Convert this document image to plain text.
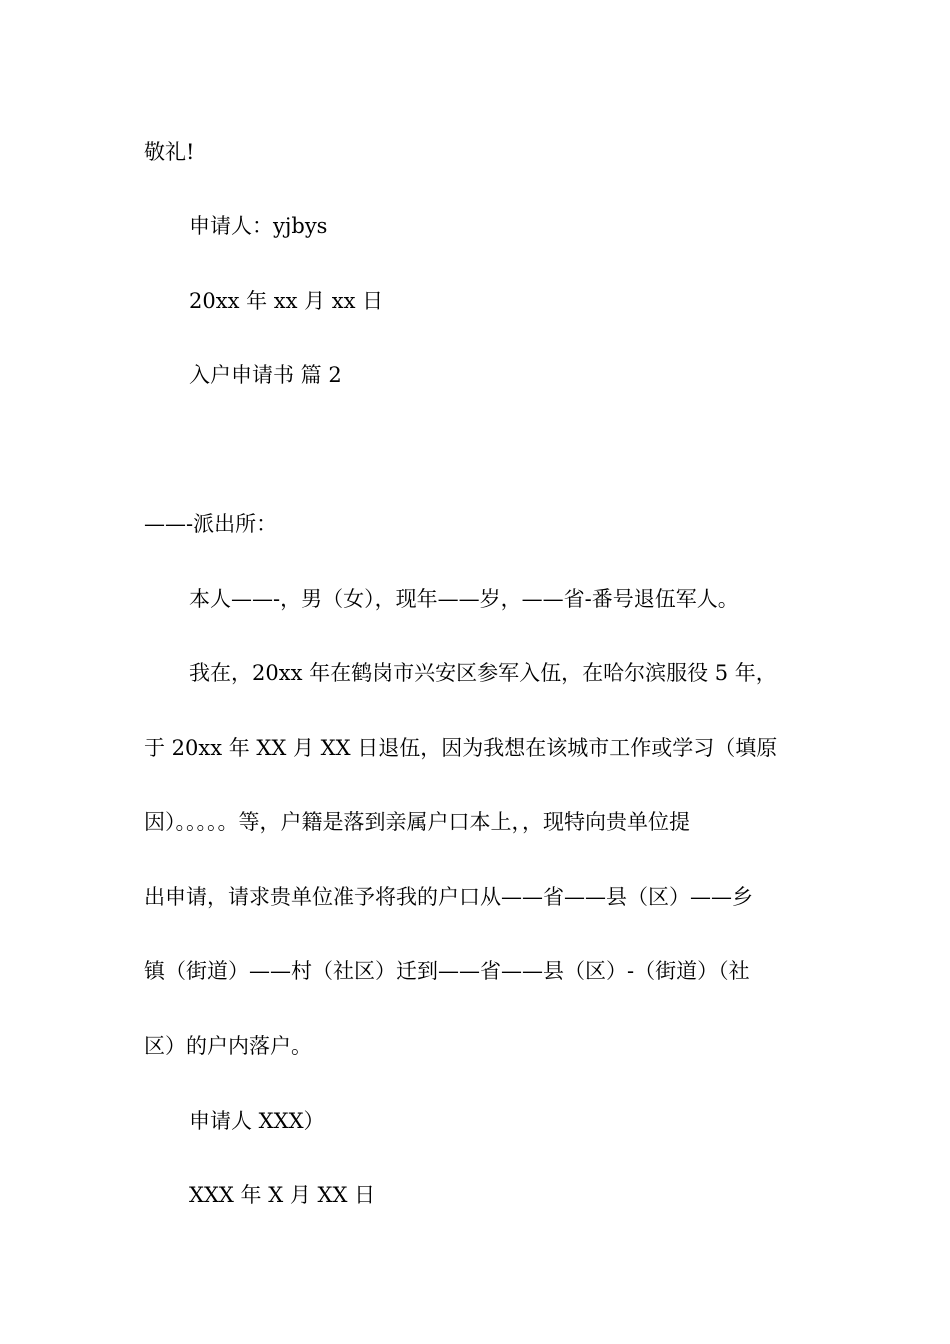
敬礼!
申请人：yjbys
20xx 年 xx 月 xx 日
入户申请书 篇 2
——-派出所：
本人——-，男（女），现年——岁，——省-番号退伍军人。
我在，20xx 年在鹤岗市兴安区参军入伍，在哈尔滨服役 5 年，
于 20xx 年 XX 月 XX 日退伍，因为我想在该城市工作或学习（填原
因）。。。。。等，户籍是落到亲属户口本上，，现特向贵单位提
出申请，请求贵单位准予将我的户口从——省——县（区）——乡
镇（街道）——村（社区）迁到——省——县（区）-（街道）（社
区）的户内落户。
申请人 XXX）
XXX 年 X 月 XX 日
